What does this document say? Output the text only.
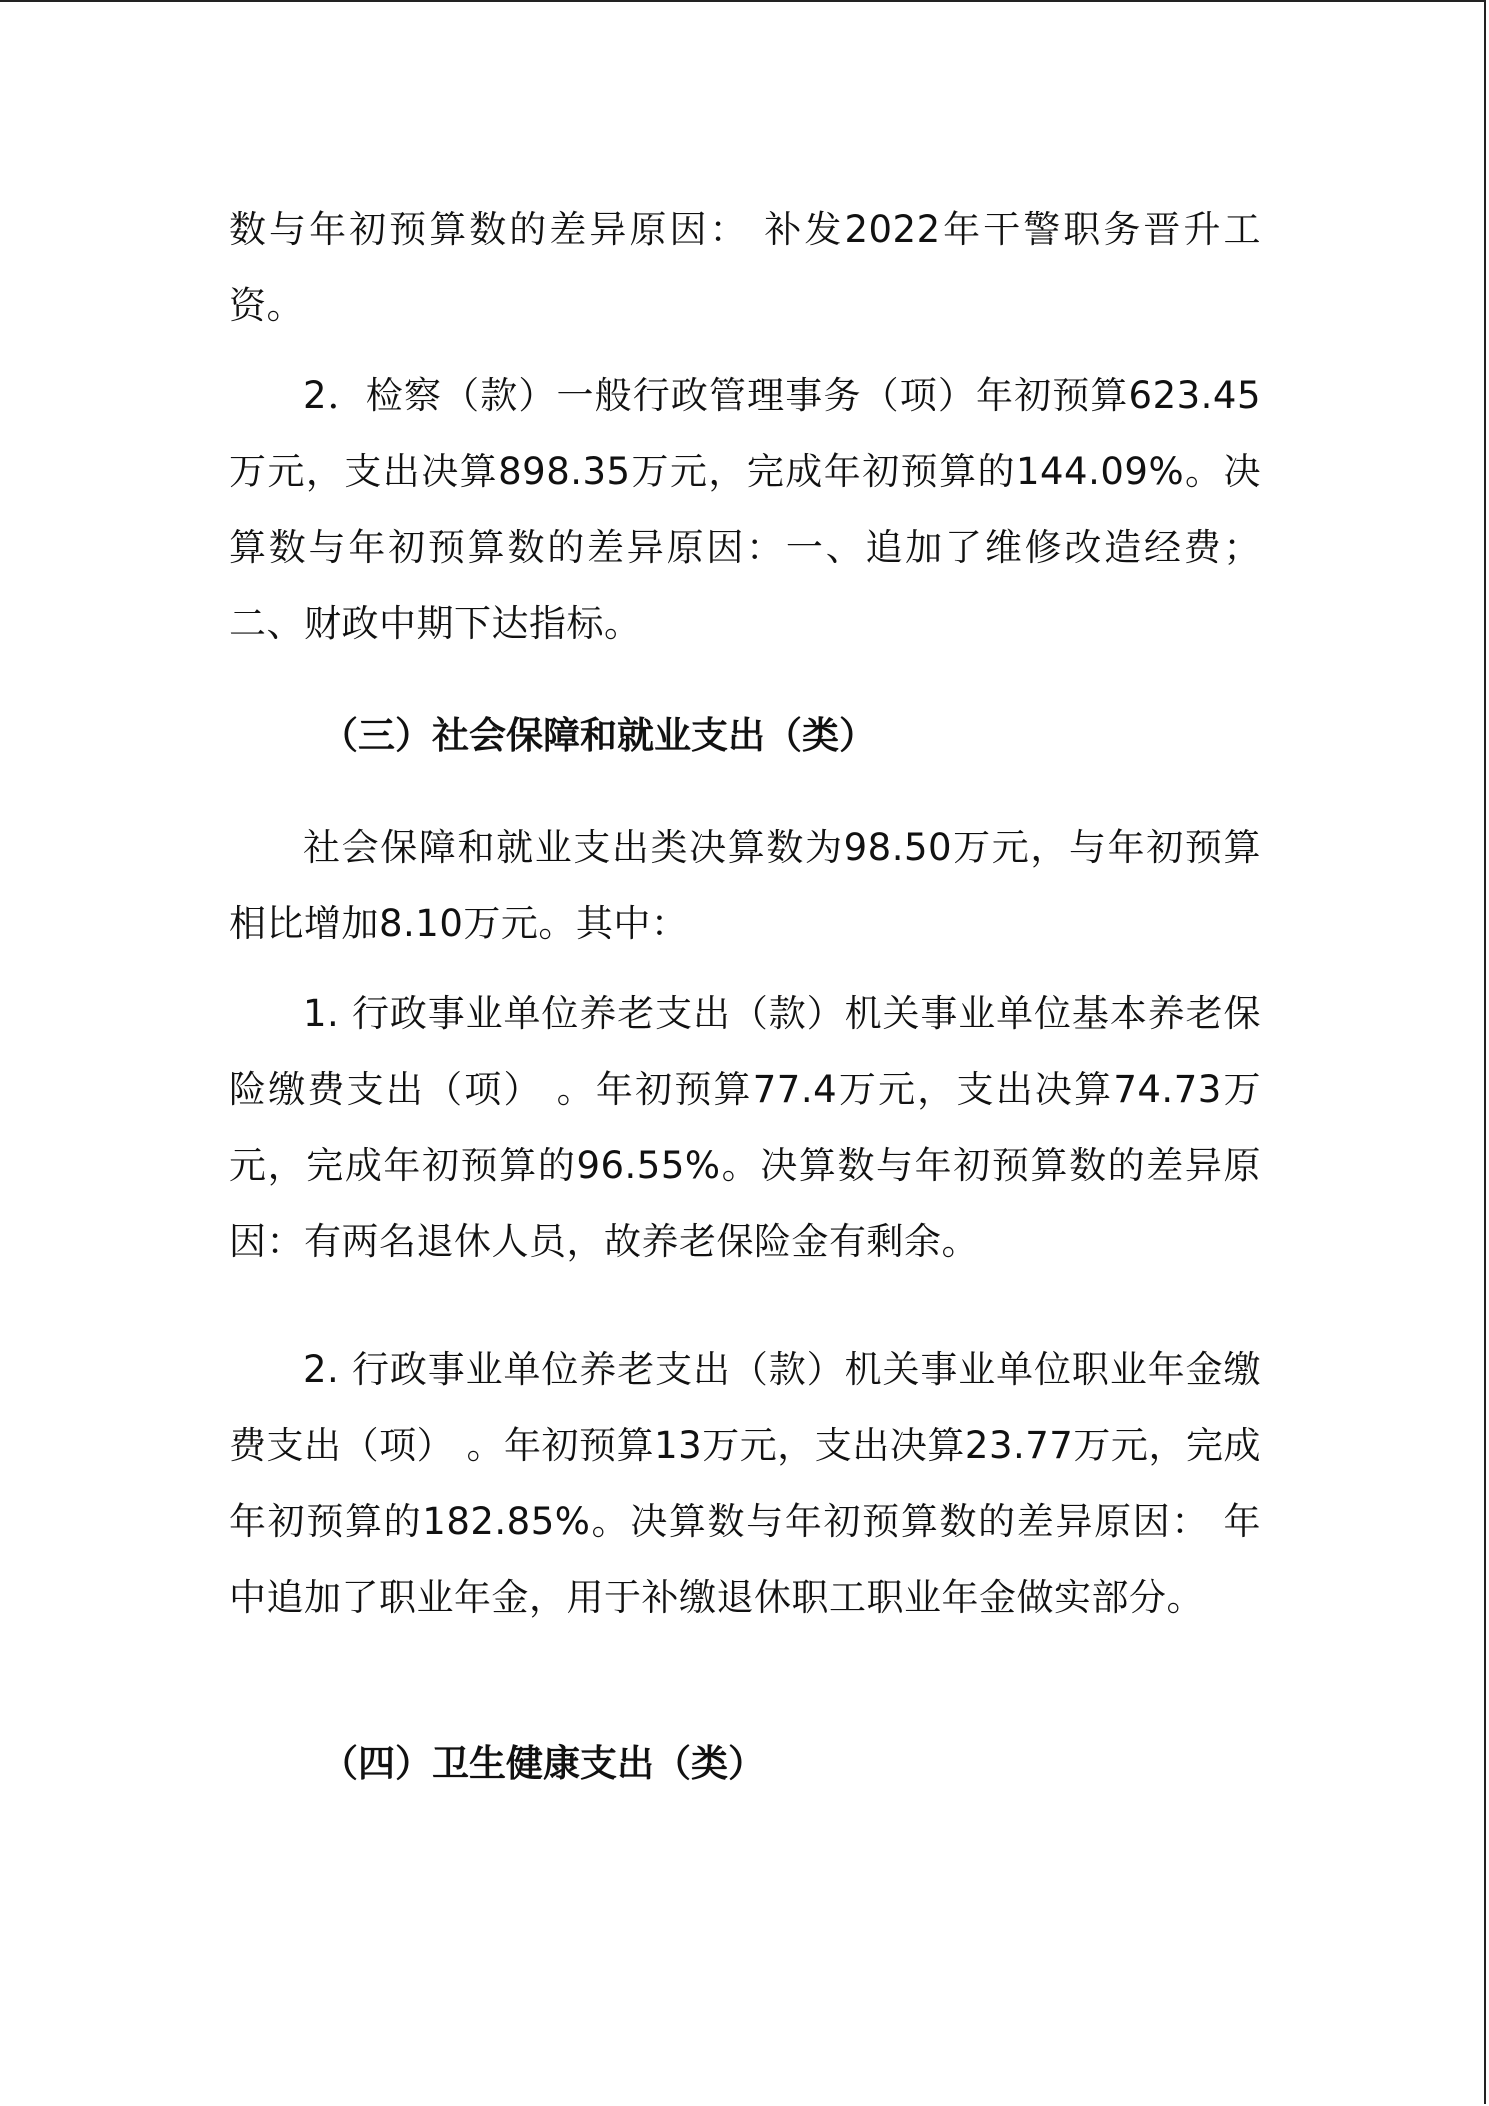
数与年初预算数的差异原因： 补发2022年干警职务晋升工资。

2．检察（款）一般行政管理事务（项）年初预算623.45万元，支出决算898.35万元，完成年初预算的144.09%。决算数与年初预算数的差异原因：一、追加了维修改造经费；二、财政中期下达指标。

（三）社会保障和就业支出（类）

社会保障和就业支出类决算数为98.50万元，与年初预算相比增加8.10万元。其中：

1. 行政事业单位养老支出（款）机关事业单位基本养老保险缴费支出（项） 。年初预算77.4万元，支出决算74.73万元，完成年初预算的96.55%。决算数与年初预算数的差异原因：有两名退休人员，故养老保险金有剩余。

2. 行政事业单位养老支出（款）机关事业单位职业年金缴费支出（项） 。年初预算13万元，支出决算23.77万元，完成年初预算的182.85%。决算数与年初预算数的差异原因： 年中追加了职业年金，用于补缴退休职工职业年金做实部分。

（四）卫生健康支出（类）
